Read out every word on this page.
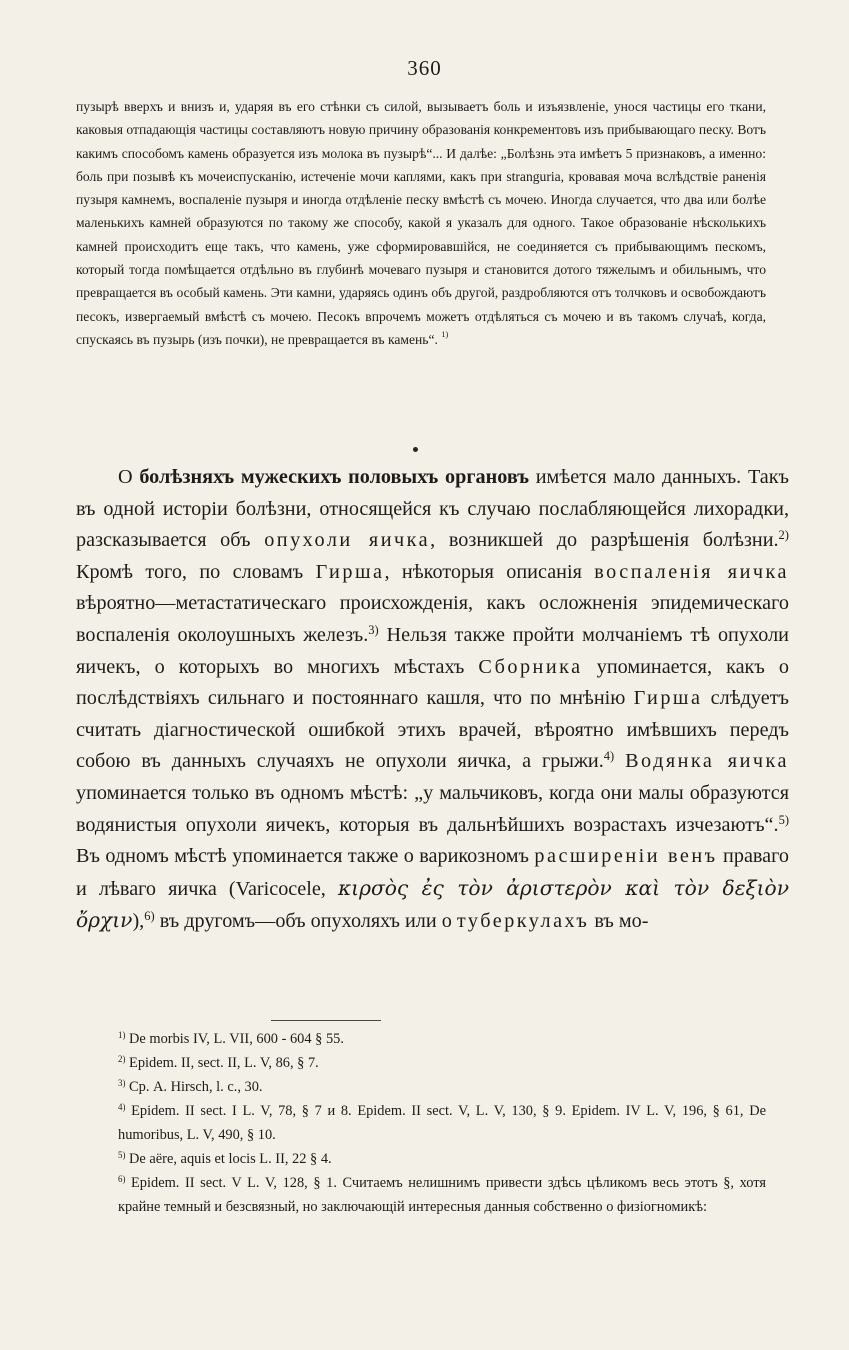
360

пузырѣ вверхъ и внизъ и, ударяя въ его стѣнки съ силой, вызываетъ боль и изъязвленіе, унося частицы его ткани, каковыя отпадающія частицы составляютъ новую причину образованія конкрементовъ изъ прибывающаго песку. Вотъ какимъ способомъ камень образуется изъ молока въ пузырѣ“... И далѣе: „Болѣзнь эта имѣетъ 5 признаковъ, а именно: боль при позывѣ къ мочеиспусканію, истеченіе мочи каплями, какъ при stranguria, кровавая моча вслѣдствіе раненія пузыря камнемъ, воспаленіе пузыря и иногда отдѣленіе песку вмѣстѣ съ мочею. Иногда случается, что два или болѣе маленькихъ камней образуются по такому же способу, какой я указалъ для одного. Такое образованіе нѣсколькихъ камней происходитъ еще такъ, что камень, уже сформировавшійся, не соединяется съ прибывающимъ пескомъ, который тогда помѣщается отдѣльно въ глубинѣ мочеваго пузыря и становится дотого тяжелымъ и обильнымъ, что превращается въ особый камень. Эти камни, ударяясь одинъ объ другой, раздробляются отъ толчковъ и освобождаютъ песокъ, извергаемый вмѣстѣ съ мочею. Песокъ впрочемъ можетъ отдѣляться съ мочею и въ такомъ случаѣ, когда, спускаясь въ пузырь (изъ почки), не превращается въ камень“. $^{1)}$

О болѣзняхъ мужескихъ половыхъ органовъ имѣется мало данныхъ. Такъ въ одной исторіи болѣзни, относящейся къ случаю послабляющейся лихорадки, разсказывается объ опухоли яичка, возникшей до разрѣшенія болѣзни.$^{2)}$ Кромѣ того, по словамъ Гирша, нѣкоторыя описанія воспаленія яичка вѣроятно—метастатическаго происхожденія, какъ осложненія эпидемическаго воспаленія околоушныхъ железъ.$^{3)}$ Нельзя также пройти молчаніемъ тѣ опухоли яичекъ, о которыхъ во многихъ мѣстахъ Сборника упоминается, какъ о послѣдствіяхъ сильнаго и постояннаго кашля, что по мнѣнію Гирша слѣдуетъ считать діагностической ошибкой этихъ врачей, вѣроятно имѣвшихъ передъ собою въ данныхъ случаяхъ не опухоли яичка, а грыжи.$^{4)}$ Водянка яичка упоминается только въ одномъ мѣстѣ: „у мальчиковъ, когда они малы образуются водянистыя опухоли яичекъ, которыя въ дальнѣйшихъ возрастахъ изчезаютъ“.$^{5)}$ Въ одномъ мѣстѣ упоминается также о варикозномъ расширеніи венъ праваго и лѣваго яичка (Varicocele, κιρσὸς ἐς τὸν ἀριστερὸν καὶ τὸν δεξιὸν ὄρχιν),$^{6)}$ въ другомъ—объ опухоляхъ или о туберкулахъ въ мо-

$^{1)}$ De morbis IV, L. VII, 600 - 604 § 55.

$^{2)}$ Epidem. II, sect. II, L. V, 86, § 7.

$^{3)}$ Ср. A. Hirsch, l. c., 30.

$^{4)}$ Epidem. II sect. I L. V, 78, § 7 и 8. Epidem. II sect. V, L. V, 130, § 9. Epidem. IV L. V, 196, § 61, De humoribus, L. V, 490, § 10.

$^{5)}$ De aëre, aquis et locis L. II, 22 § 4.

$^{6)}$ Epidem. II sect. V L. V, 128, § 1. Считаемъ нелишнимъ привести здѣсь цѣликомъ весь этотъ §, хотя крайне темный и безсвязный, но заключающій интересныя данныя собственно о физіогномикѣ:
